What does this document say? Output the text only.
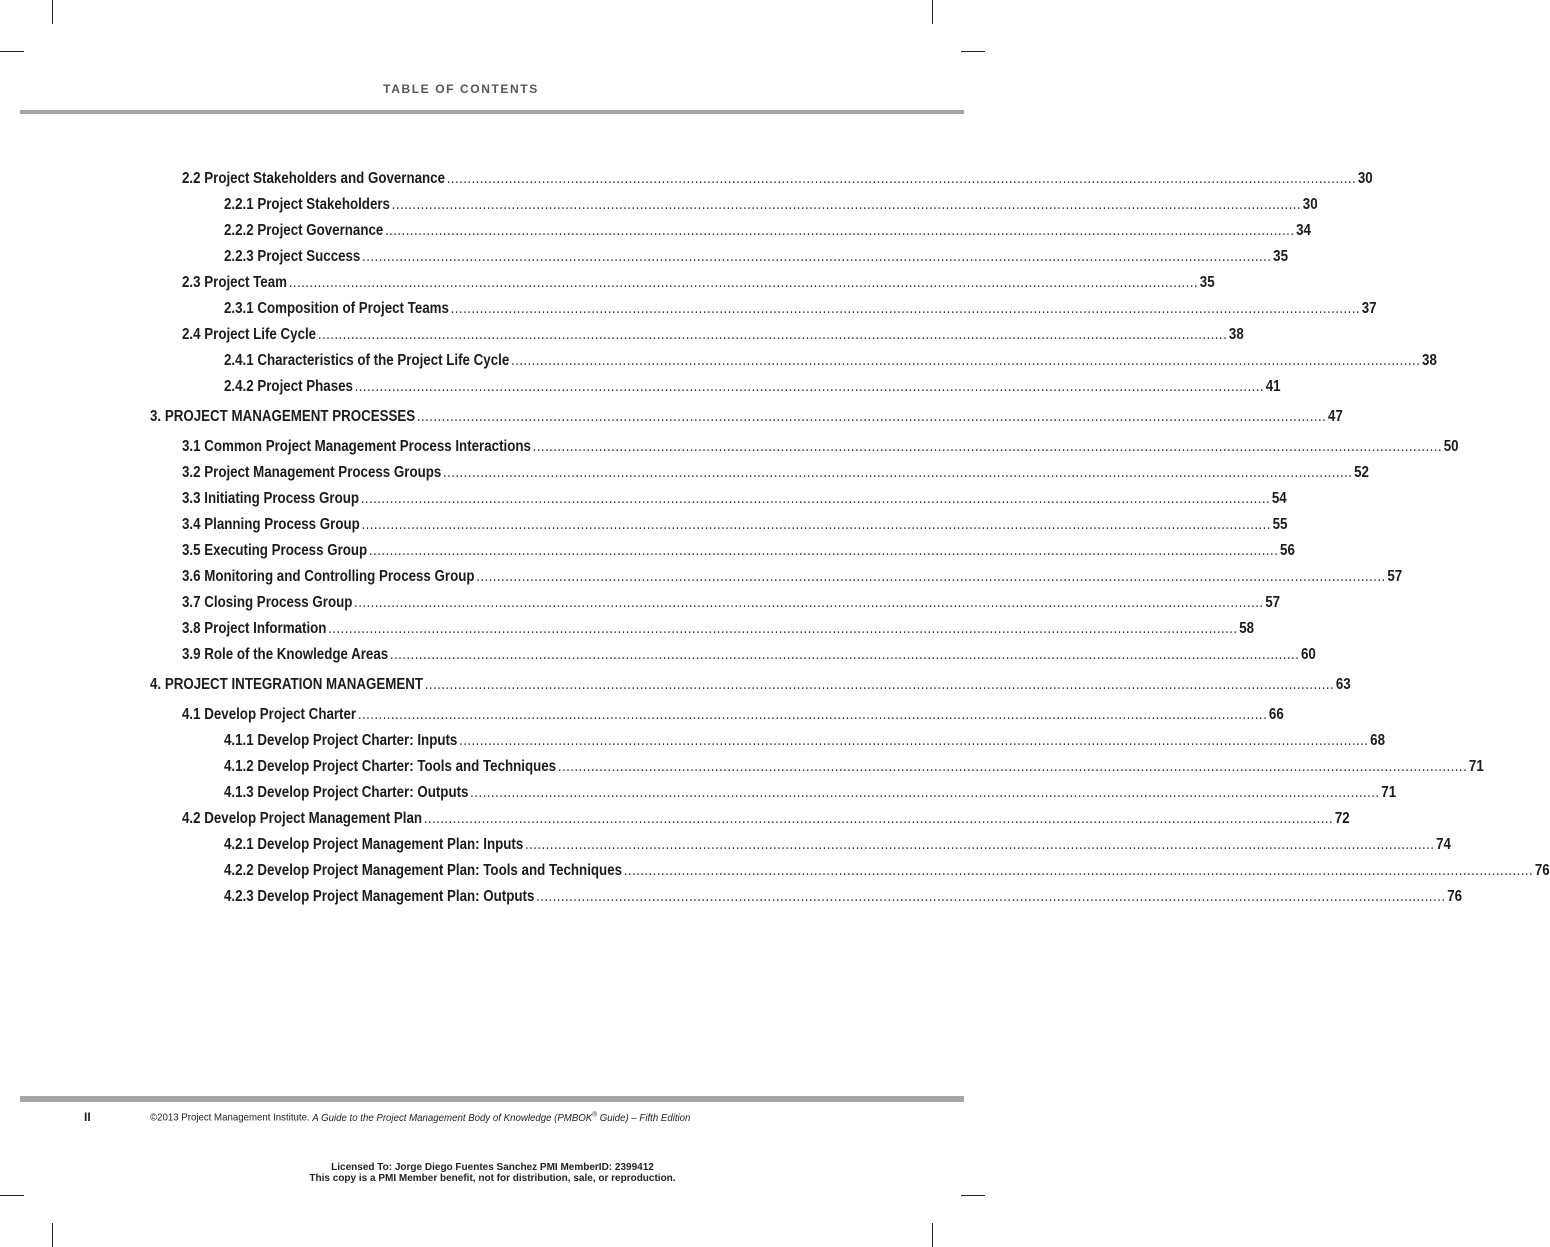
TABLE OF CONTENTS
2.2 Project Stakeholders and Governance ............................................................................................................................................................................................................................ 30
2.2.1 Project Stakeholders ............................................................................................................................................................................................................................ 30
2.2.2 Project Governance ............................................................................................................................................................................................................................ 34
2.2.3 Project Success ............................................................................................................................................................................................................................ 35
2.3 Project Team ............................................................................................................................................................................................................................ 35
2.3.1 Composition of Project Teams ............................................................................................................................................................................................................................ 37
2.4 Project Life Cycle ............................................................................................................................................................................................................................ 38
2.4.1 Characteristics of the Project Life Cycle ............................................................................................................................................................................................................................ 38
2.4.2 Project Phases ............................................................................................................................................................................................................................ 41
3. PROJECT MANAGEMENT PROCESSES ............................................................................................................................................................................................................................ 47
3.1 Common Project Management Process Interactions ............................................................................................................................................................................................................................ 50
3.2 Project Management Process Groups ............................................................................................................................................................................................................................ 52
3.3 Initiating Process Group ............................................................................................................................................................................................................................ 54
3.4 Planning Process Group ............................................................................................................................................................................................................................ 55
3.5 Executing Process Group ............................................................................................................................................................................................................................ 56
3.6 Monitoring and Controlling Process Group ............................................................................................................................................................................................................................ 57
3.7 Closing Process Group ............................................................................................................................................................................................................................ 57
3.8 Project Information ............................................................................................................................................................................................................................ 58
3.9 Role of the Knowledge Areas ............................................................................................................................................................................................................................ 60
4. PROJECT INTEGRATION MANAGEMENT ............................................................................................................................................................................................................................ 63
4.1 Develop Project Charter ............................................................................................................................................................................................................................ 66
4.1.1 Develop Project Charter: Inputs ............................................................................................................................................................................................................................ 68
4.1.2 Develop Project Charter: Tools and Techniques ............................................................................................................................................................................................................................ 71
4.1.3 Develop Project Charter: Outputs ............................................................................................................................................................................................................................ 71
4.2 Develop Project Management Plan ............................................................................................................................................................................................................................ 72
4.2.1 Develop Project Management Plan: Inputs ............................................................................................................................................................................................................................ 74
4.2.2 Develop Project Management Plan: Tools and Techniques ............................................................................................................................................................................................................................ 76
4.2.3 Develop Project Management Plan: Outputs ............................................................................................................................................................................................................................ 76
II	©2013 Project Management Institute. A Guide to the Project Management Body of Knowledge (PMBOK® Guide) – Fifth Edition
Licensed To: Jorge Diego Fuentes Sanchez PMI MemberID: 2399412
This copy is a PMI Member benefit, not for distribution, sale, or reproduction.
